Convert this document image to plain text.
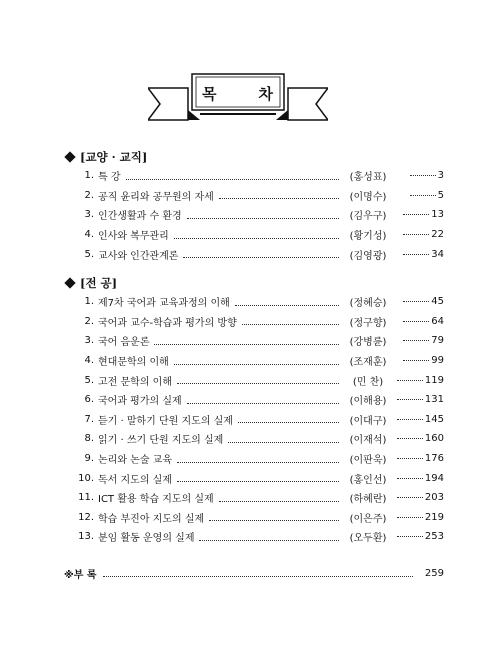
목	차
[교양 · 교직]
1. 특 강	(홍성표)	3
2. 공직 윤리와 공무원의 자세	(이명수)	5
3. 인간생활과 수 환경	(김우구)	13
4. 인사와 복무관리	(황기성)	22
5. 교사와 인간관계론	(김영광)	34
[전 공]
1. 제7차 국어과 교육과정의 이해	(정혜승)	45
2. 국어과 교수-학습과 평가의 방향	(정구향)	64
3. 국어 음운론	(강병륜)	79
4. 현대문학의 이해	(조재훈)	99
5. 고전 문학의 이해	(민 찬)	119
6. 국어과 평가의 실제	(이해용)	131
7. 듣기 · 말하기 단원 지도의 실제	(이대구)	145
8. 읽기 · 쓰기 단원 지도의 실제	(이재석)	160
9. 논리와 논술 교육	(이판욱)	176
10. 독서 지도의 실제	(홍인선)	194
11. ICT 활용 학습 지도의 실제	(하혜란)	203
12. 학습 부진아 지도의 실제	(이은주)	219
13. 분임 활동 운영의 실제	(오두환)	253
※부 록	259
